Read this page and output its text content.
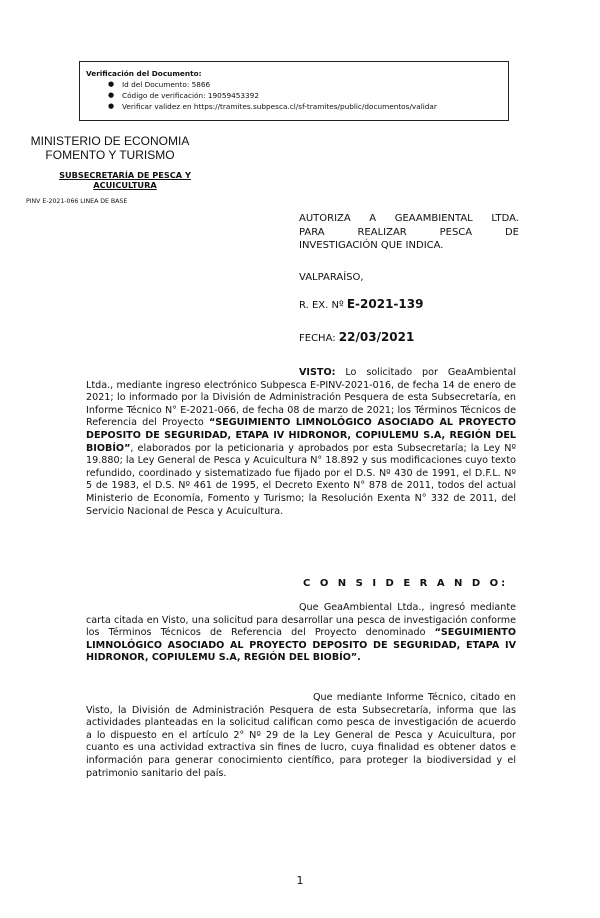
Verificación del Documento:
● Id del Documento: 5866
● Código de verificación: 19059453392
● Verificar validez en https://tramites.subpesca.cl/sf-tramites/public/documentos/validar
MINISTERIO DE ECONOMIA
FOMENTO Y TURISMO
SUBSECRETARÍA DE PESCA Y
ACUICULTURA
PINV E-2021-066 LINEA DE BASE
AUTORIZA A GEAAMBIENTAL LTDA.
PARA REALIZAR PESCA DE

INVESTIGACIÓN QUE INDICA.
VALPARAÍSO,
R. EX. Nº E-2021-139
FECHA: 22/03/2021
VISTO: Lo solicitado por GeaAmbiental Ltda., mediante ingreso electrónico Subpesca E-PINV-2021-016, de fecha 14 de enero de 2021; lo informado por la División de Administración Pesquera de esta Subsecretaría, en Informe Técnico N° E-2021-066, de fecha 08 de marzo de 2021; los Términos Técnicos de Referencia del Proyecto “SEGUIMIENTO LIMNOLÓGICO ASOCIADO AL PROYECTO DEPOSITO DE SEGURIDAD, ETAPA IV HIDRONOR, COPIULEMU S.A, REGIÓN DEL BIOBÍO”, elaborados por la peticionaria y aprobados por esta Subsecretaría; la Ley Nº 19.880; la Ley General de Pesca y Acuicultura N° 18.892 y sus modificaciones cuyo texto refundido, coordinado y sistematizado fue fijado por el D.S. Nº 430 de 1991, el D.F.L. Nº 5 de 1983, el D.S. Nº 461 de 1995, el Decreto Exento N° 878 de 2011, todos del actual Ministerio de Economía, Fomento y Turismo; la Resolución Exenta N° 332 de 2011, del Servicio Nacional de Pesca y Acuicultura.
C O N S I D E R A N D O:
Que GeaAmbiental Ltda., ingresó mediante carta citada en Visto, una solicitud para desarrollar una pesca de investigación conforme los Términos Técnicos de Referencia del Proyecto denominado “SEGUIMIENTO LIMNOLÓGICO ASOCIADO AL PROYECTO DEPOSITO DE SEGURIDAD, ETAPA IV HIDRONOR, COPIULEMU S.A, REGIÓN DEL BIOBÍO”.
Que mediante Informe Técnico, citado en Visto, la División de Administración Pesquera de esta Subsecretaría, informa que las actividades planteadas en la solicitud califican como pesca de investigación de acuerdo a lo dispuesto en el artículo 2° Nº 29 de la Ley General de Pesca y Acuicultura, por cuanto es una actividad extractiva sin fines de lucro, cuya finalidad es obtener datos e información para generar conocimiento científico, para proteger la biodiversidad y el patrimonio sanitario del país.
1
